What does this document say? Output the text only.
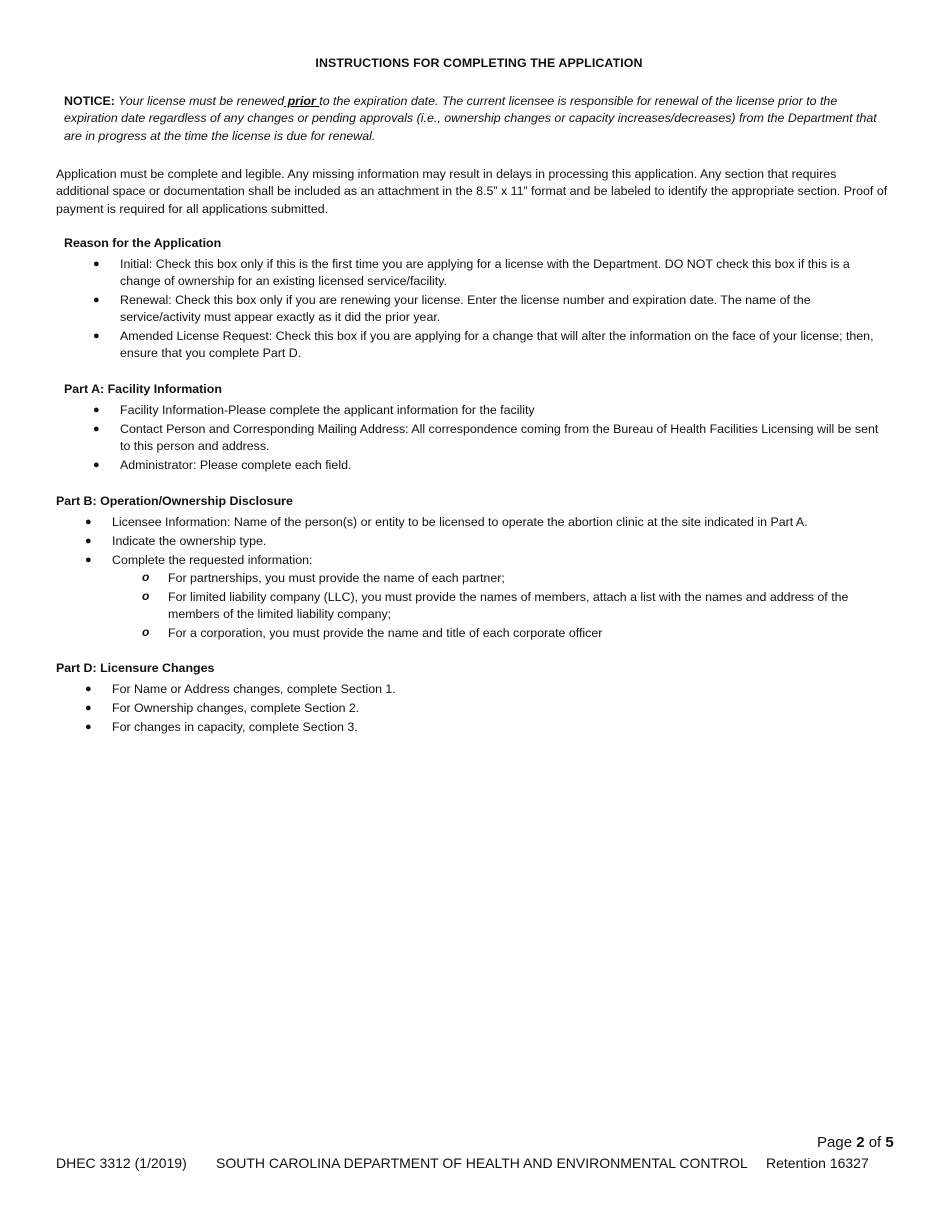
INSTRUCTIONS FOR COMPLETING THE APPLICATION
NOTICE: Your license must be renewed prior to the expiration date. The current licensee is responsible for renewal of the license prior to the expiration date regardless of any changes or pending approvals (i.e., ownership changes or capacity increases/decreases) from the Department that are in progress at the time the license is due for renewal.
Application must be complete and legible. Any missing information may result in delays in processing this application. Any section that requires additional space or documentation shall be included as an attachment in the 8.5” x 11” format and be labeled to identify the appropriate section. Proof of payment is required for all applications submitted.
Reason for the Application
● Initial: Check this box only if this is the first time you are applying for a license with the Department. DO NOT check this box if this is a change of ownership for an existing licensed service/facility.
● Renewal: Check this box only if you are renewing your license. Enter the license number and expiration date. The name of the service/activity must appear exactly as it did the prior year.
● Amended License Request: Check this box if you are applying for a change that will alter the information on the face of your license; then, ensure that you complete Part D.
Part A: Facility Information
● Facility Information-Please complete the applicant information for the facility
● Contact Person and Corresponding Mailing Address: All correspondence coming from the Bureau of Health Facilities Licensing will be sent to this person and address.
● Administrator: Please complete each field.
Part B: Operation/Ownership Disclosure
● Licensee Information: Name of the person(s) or entity to be licensed to operate the abortion clinic at the site indicated in Part A.
● Indicate the ownership type.
● Complete the requested information:
o For partnerships, you must provide the name of each partner;
o For limited liability company (LLC), you must provide the names of members, attach a list with the names and address of the members of the limited liability company;
o For a corporation, you must provide the name and title of each corporate officer
Part D: Licensure Changes
● For Name or Address changes, complete Section 1.
● For Ownership changes, complete Section 2.
● For changes in capacity, complete Section 3.
Page 2 of 5
DHEC 3312 (1/2019) SOUTH CAROLINA DEPARTMENT OF HEALTH AND ENVIRONMENTAL CONTROL Retention 16327
